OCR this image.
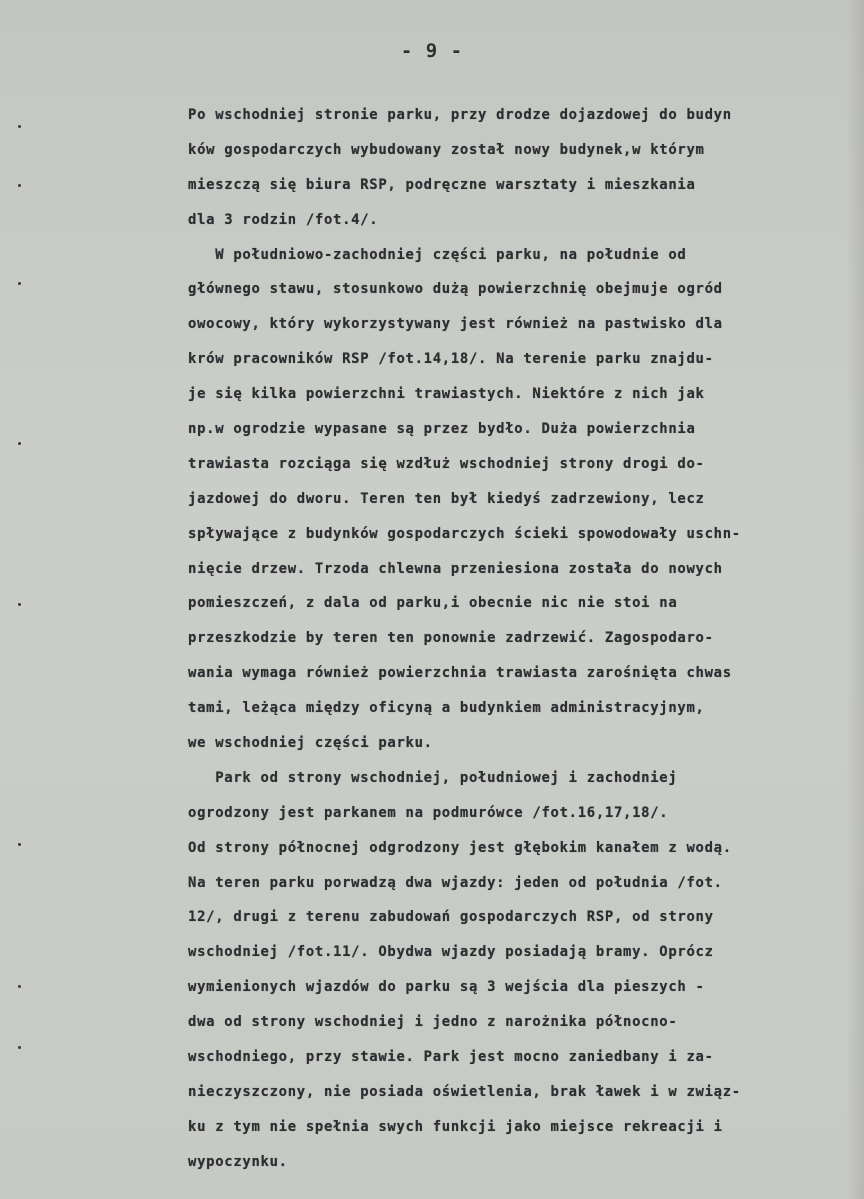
- 9 -
Po wschodniej stronie parku, przy drodze dojazdowej do budyn
ków gospodarczych wybudowany został nowy budynek,w którym
mieszczą się biura RSP, podręczne warsztaty i mieszkania
dla 3 rodzin /fot.4/.
W południowo-zachodniej części parku, na południe od
głównego stawu, stosunkowo dużą powierzchnię obejmuje ogród
owocowy, który wykorzystywany jest również na pastwisko dla
krów pracowników RSP /fot.14,18/. Na terenie parku znajdu-
je się kilka powierzchni trawiastych. Niektóre z nich jak
np.w ogrodzie wypasane są przez bydło. Duża powierzchnia
trawiasta rozciąga się wzdłuż wschodniej strony drogi do-
jazdowej do dworu. Teren ten był kiedyś zadrzewiony, lecz
spływające z budynków gospodarczych ścieki spowodowały uschn-
nięcie drzew. Trzoda chlewna przeniesiona została do nowych
pomieszczeń, z dala od parku,i obecnie nic nie stoi na
przeszkodzie by teren ten ponownie zadrzewić. Zagospodaro-
wania wymaga również powierzchnia trawiasta zarośnięta chwas
tami, leżąca między oficyną a budynkiem administracyjnym,
we wschodniej części parku.
Park od strony wschodniej, południowej i zachodniej
ogrodzony jest parkanem na podmurówce /fot.16,17,18/.
Od strony północnej odgrodzony jest głębokim kanałem z wodą.
Na teren parku porwadzą dwa wjazdy: jeden od południa /fot.
12/, drugi z terenu zabudowań gospodarczych RSP, od strony
wschodniej /fot.11/. Obydwa wjazdy posiadają bramy. Oprócz
wymienionych wjazdów do parku są 3 wejścia dla pieszych -
dwa od strony wschodniej i jedno z narożnika północno-
wschodniego, przy stawie. Park jest mocno zaniedbany i za-
nieczyszczony, nie posiada oświetlenia, brak ławek i w związ-
ku z tym nie spełnia swych funkcji jako miejsce rekreacji i
wypoczynku.
